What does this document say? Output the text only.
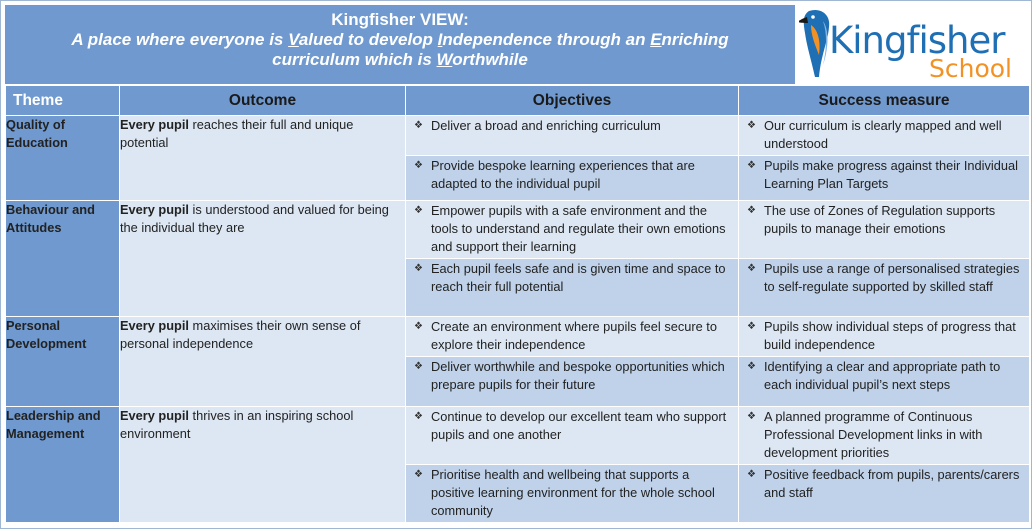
Kingfisher VIEW:
A place where everyone is Valued to develop Independence through an Enriching
curriculum which is Worthwhile	Kingfisher
School
Theme	Outcome	Objectives	Success measure
Quality of Education	Every pupil reaches their full and unique potential	❖ Deliver a broad and enriching curriculum	❖ Our curriculum is clearly mapped and well understood

		❖ Provide bespoke learning experiences that are adapted to the individual pupil	❖ Pupils make progress against their Individual Learning Plan Targets

Behaviour and Attitudes	Every pupil is understood and valued for being the individual they are	❖ Empower pupils with a safe environment and the tools to understand and regulate their own emotions and support their learning	❖ The use of Zones of Regulation supports pupils to manage their emotions

		❖ Each pupil feels safe and is given time and space to reach their full potential	❖ Pupils use a range of personalised strategies to self-regulate supported by skilled staff

Personal Development	Every pupil maximises their own sense of personal independence	❖ Create an environment where pupils feel secure to explore their independence	❖ Pupils show individual steps of progress that build independence

		❖ Deliver worthwhile and bespoke opportunities which prepare pupils for their future	❖ Identifying a clear and appropriate path to each individual pupil’s next steps

Leadership and Management	Every pupil thrives in an inspiring school environment	❖ Continue to develop our excellent team who support pupils and one another	❖ A planned programme of Continuous Professional Development links in with development priorities

		❖ Prioritise health and wellbeing that supports a positive learning environment for the whole school community	❖ Positive feedback from pupils, parents/carers and staff
